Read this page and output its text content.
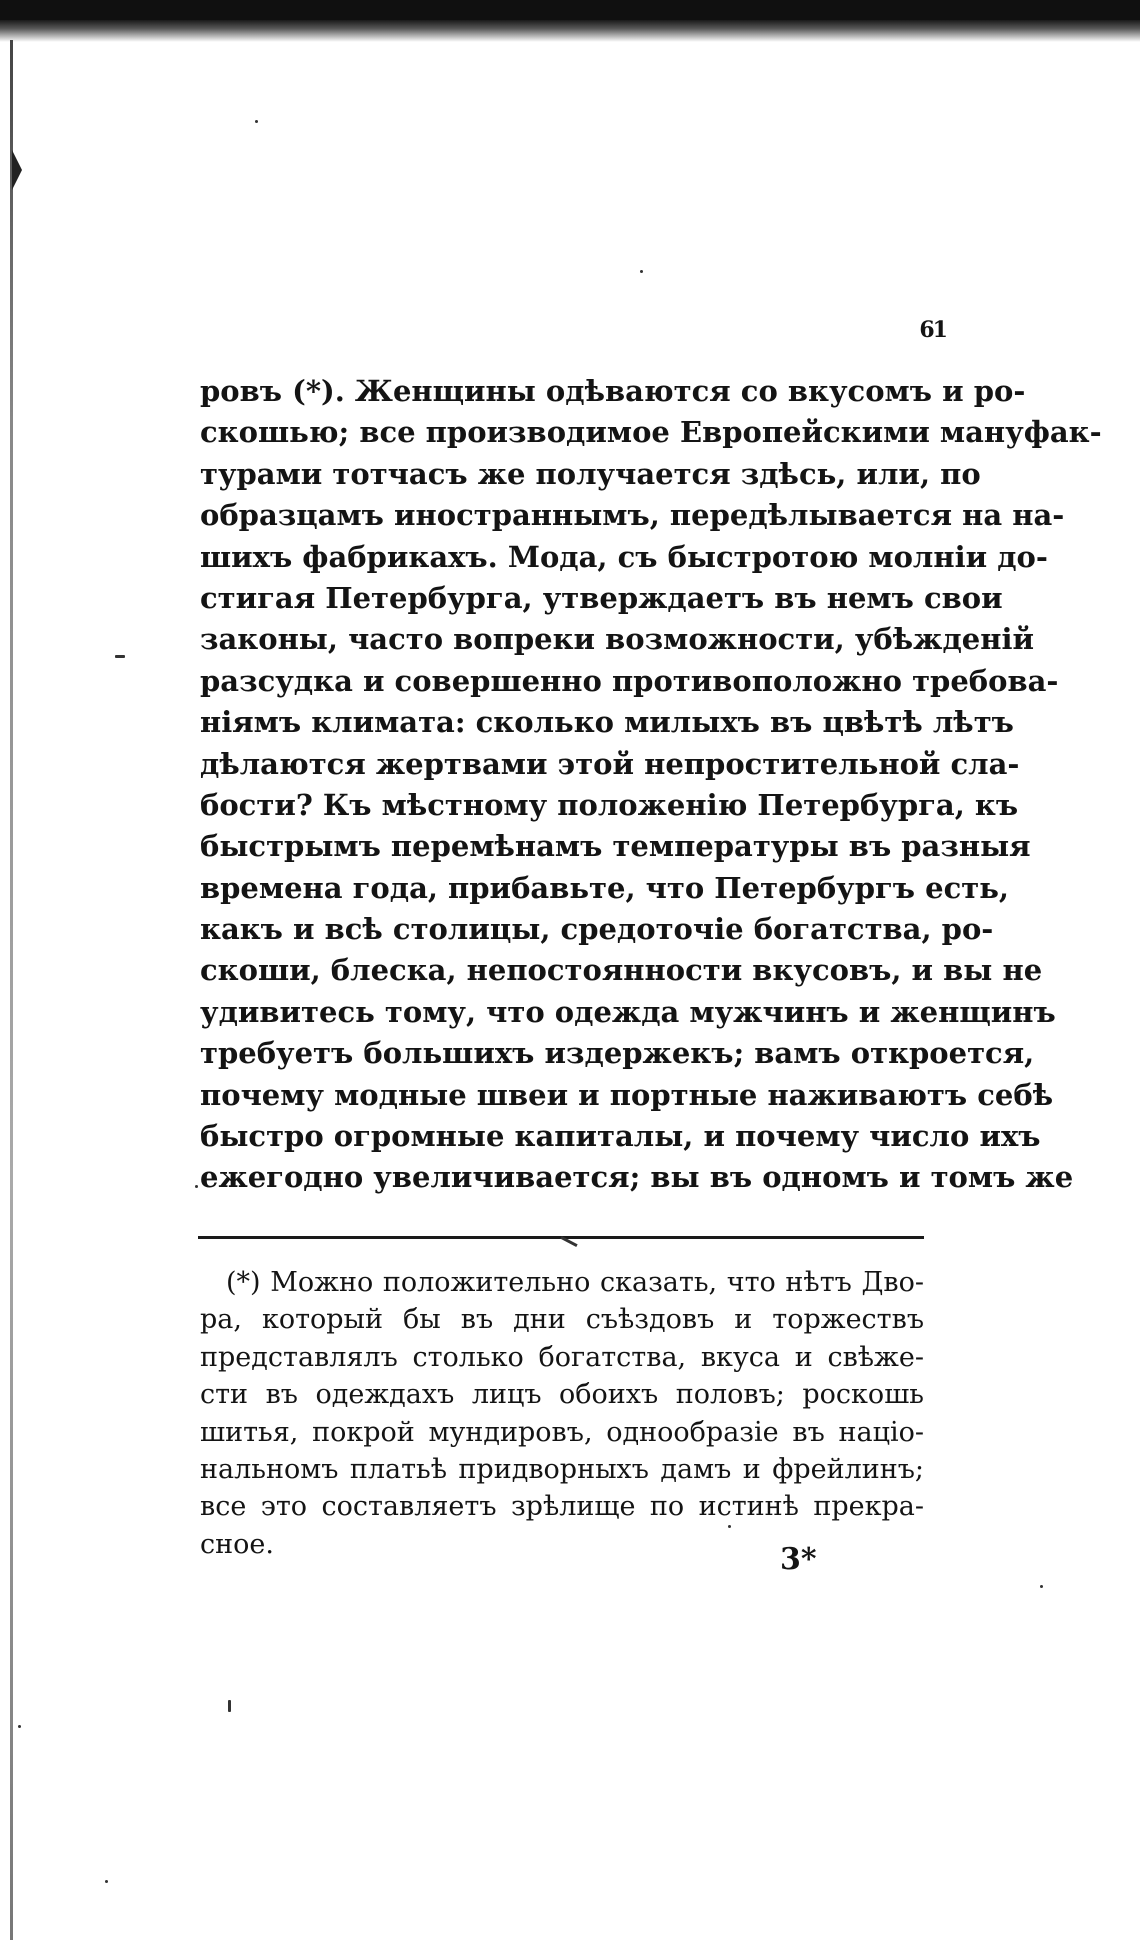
61
ровъ (*). Женщины одѣваются со вкусомъ и ро-
скошью; все производимое Европейскими мануфак-
турами тотчасъ же получается здѣсь, или, по
образцамъ иностраннымъ, передѣлывается на на-
шихъ фабрикахъ. Мода, съ быстротою молніи до-
стигая Петербурга, утверждаетъ въ немъ свои
законы, часто вопреки возможности, убѣжденій
разсудка и совершенно противоположно требова-
ніямъ климата: сколько милыхъ въ цвѣтѣ лѣтъ
дѣлаются жертвами этой непростительной сла-
бости? Къ мѣстному положенію Петербурга, къ
быстрымъ перемѣнамъ температуры въ разныя
времена года, прибавьте, что Петербургъ есть,
какъ и всѣ столицы, средоточіе богатства, ро-
скоши, блеска, непостоянности вкусовъ, и вы не
удивитесь тому, что одежда мужчинъ и женщинъ
требуетъ большихъ издержекъ; вамъ откроется,
почему модные швеи и портные наживаютъ себѣ
быстро огромные капиталы, и почему число ихъ
ежегодно увеличивается; вы въ одномъ и томъ же
(*) Можно положительно сказать, что нѣтъ Дво-
ра, который бы въ дни съѣздовъ и торжествъ
представлялъ столько богатства, вкуса и свѣже-
сти въ одеждахъ лицъ обоихъ половъ; роскошь
шитья, покрой мундировъ, однообразіе въ націо-
нальномъ платьѣ придворныхъ дамъ и фрейлинъ;
все это составляетъ зрѣлище по истинѣ прекра-
сное.	3*
